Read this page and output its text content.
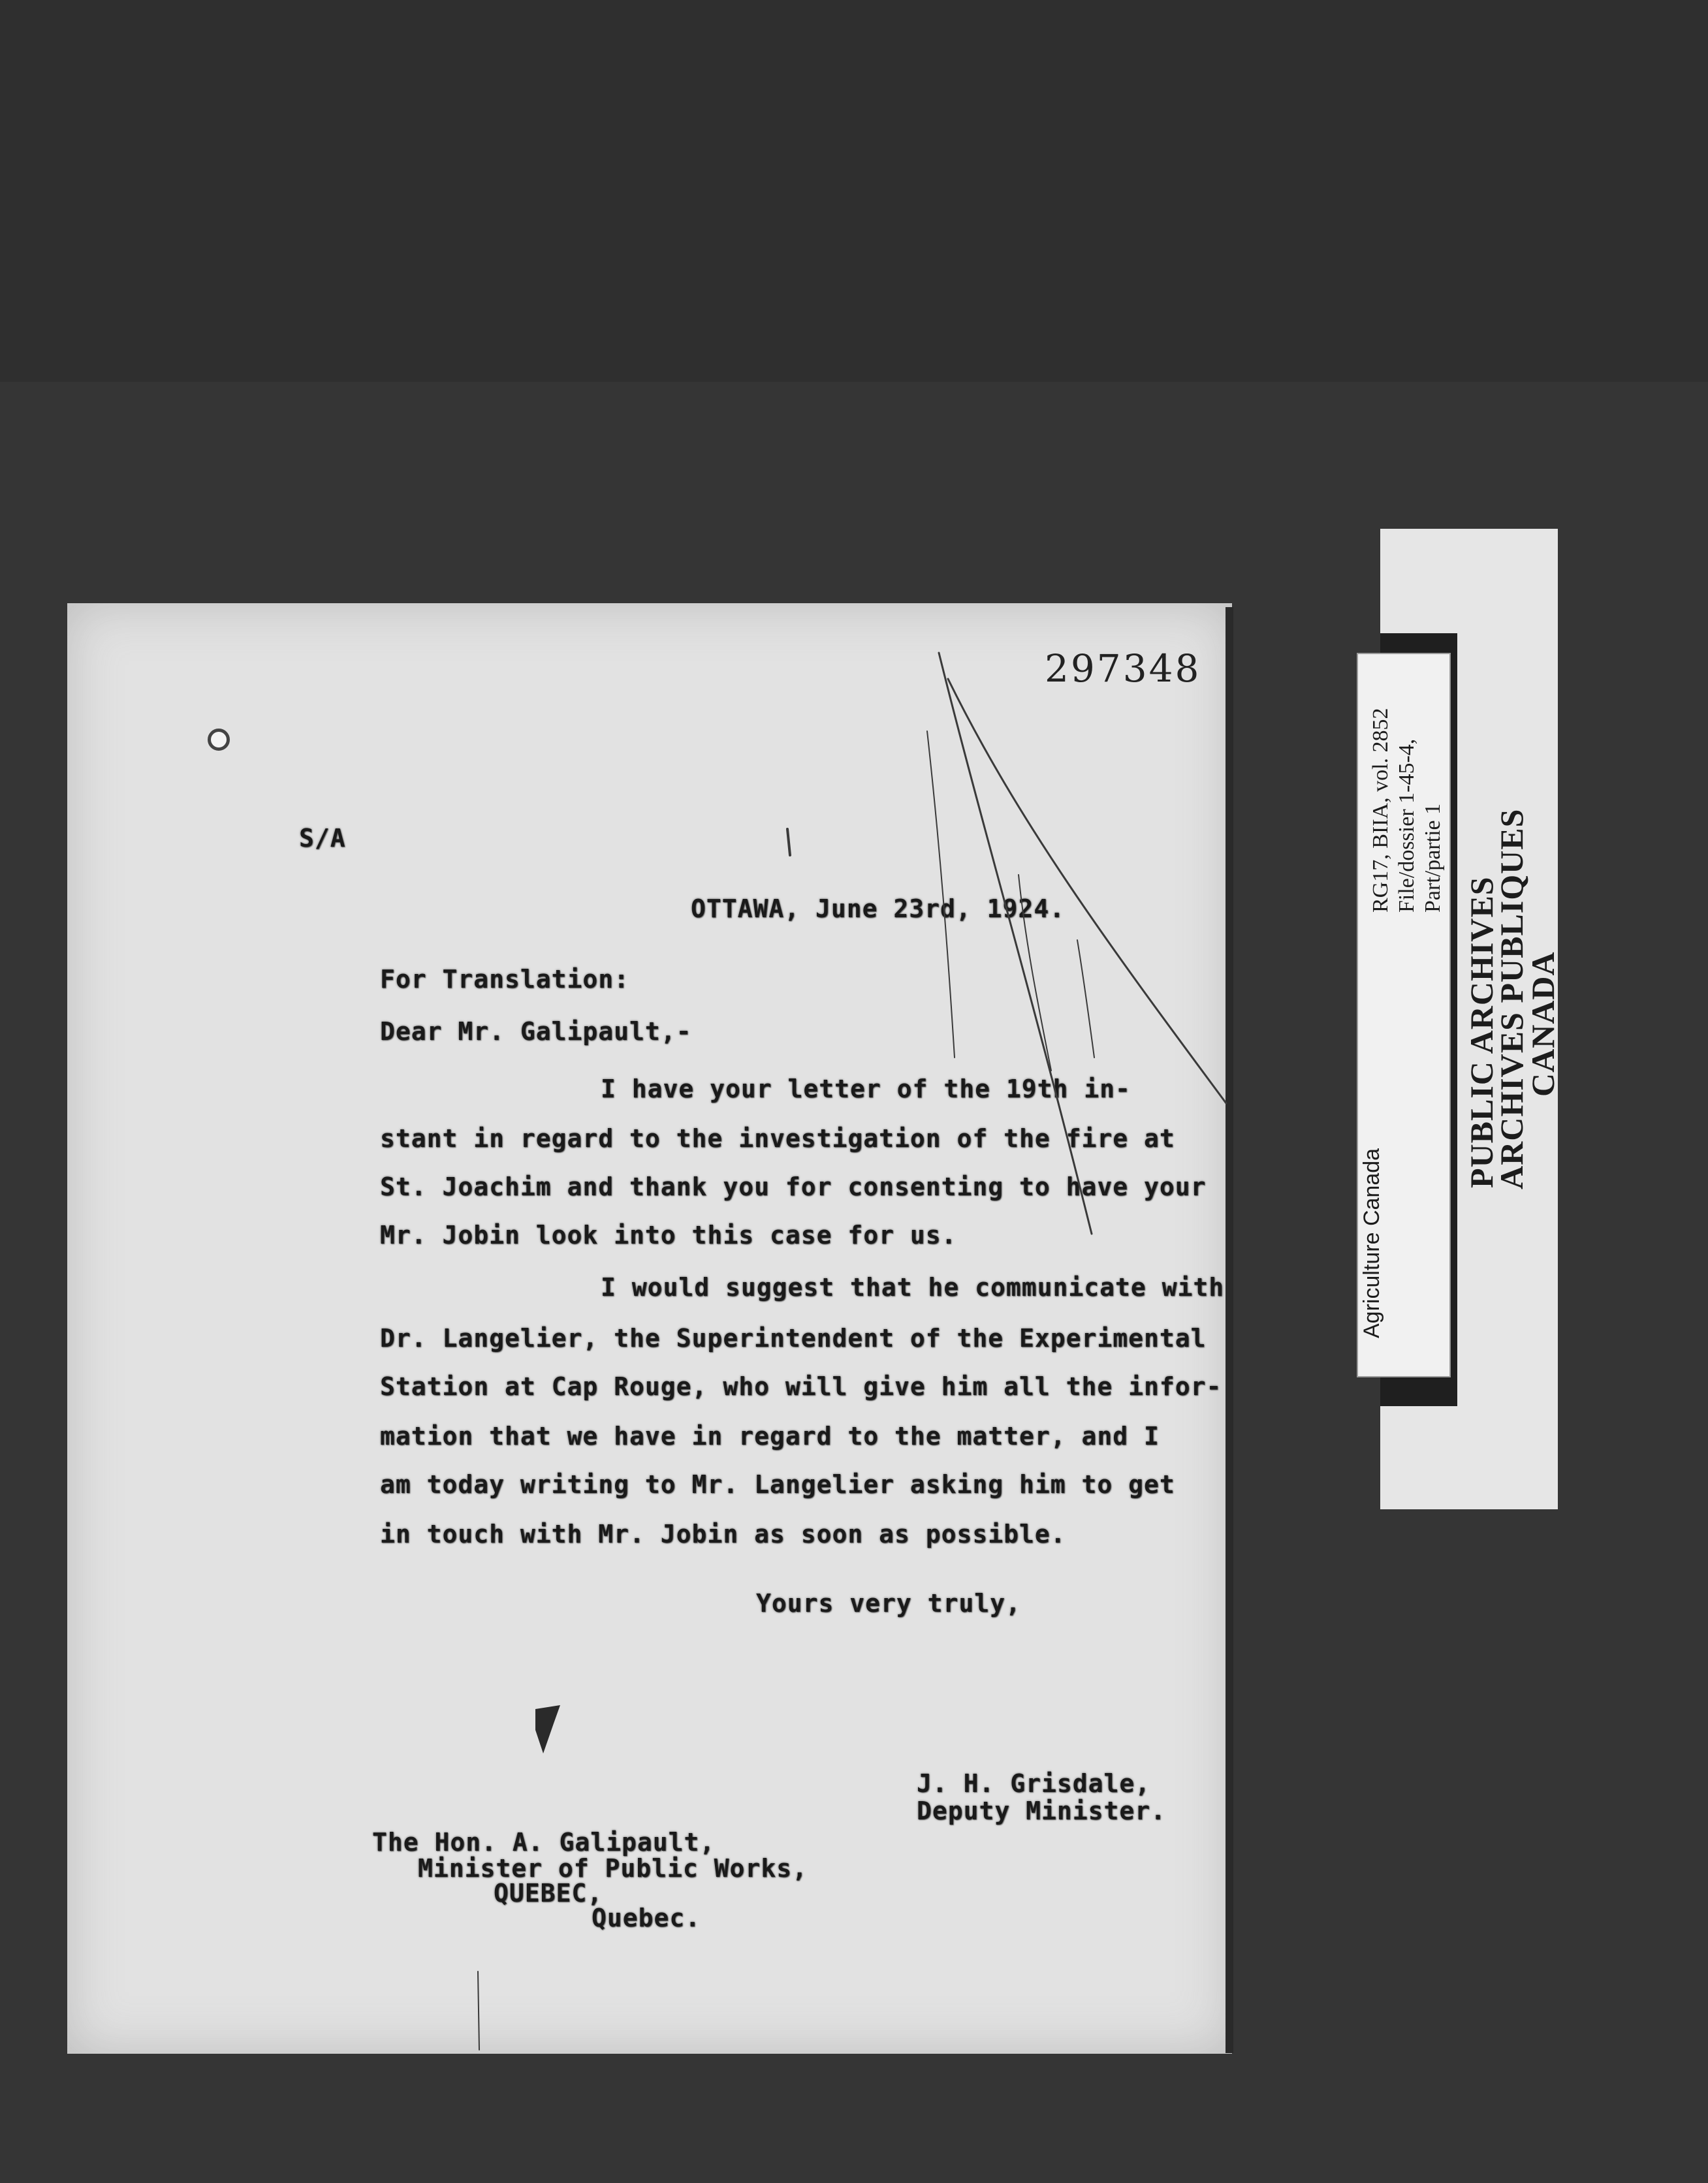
297348
S/A
OTTAWA, June 23rd, 1924.
For Translation:
Dear Mr. Galipault,-
I have your letter of the 19th in-
stant in regard to the investigation of the fire at
St. Joachim and thank you for consenting to have your
Mr. Jobin look into this case for us.
I would suggest that he communicate with
Dr. Langelier, the Superintendent of the Experimental
Station at Cap Rouge, who will give him all the infor-
mation that we have in regard to the matter, and I
am today writing to Mr. Langelier asking him to get
in touch with Mr. Jobin as soon as possible.
Yours very truly,
J. H. Grisdale,
Deputy Minister.
The Hon. A. Galipault,
Minister of Public Works,
QUEBEC,
Quebec.
Agriculture Canada
RG17, BIIA, vol. 2852 File/dossier 1-45-4, Part/partie 1
PUBLIC ARCHIVES
ARCHIVES PUBLIQUES
CANADA
